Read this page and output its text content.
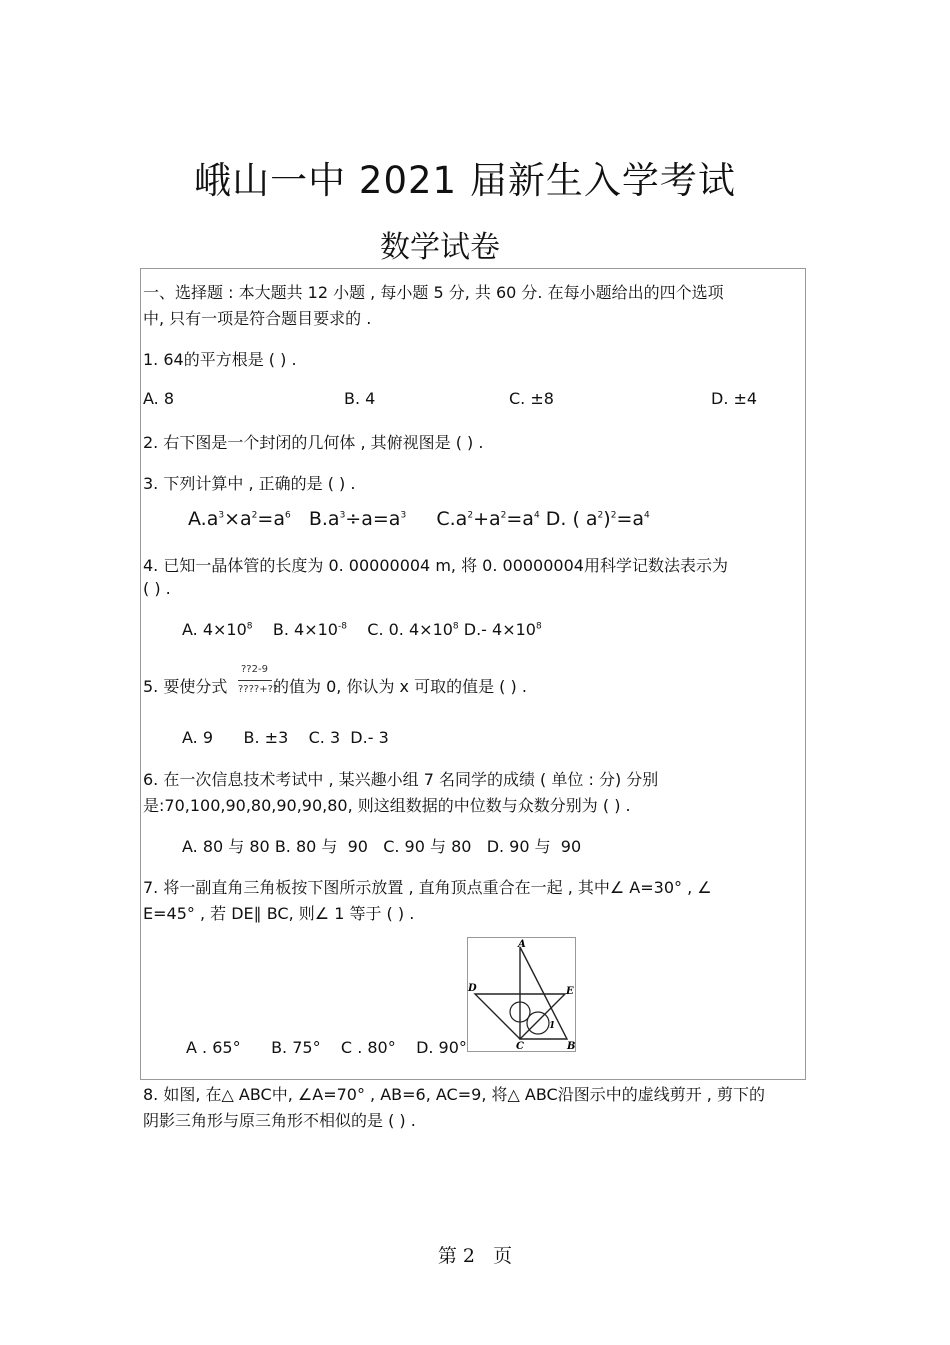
峨山一中 2021 届新生入学考试
数学试卷
一、选择题 : 本大题共 12 小题 , 每小题 5 分, 共 60 分. 在每小题给出的四个选项
中, 只有一项是符合题目要求的 .
1. 64的平方根是 ( ) .
A. 8	B. 4	C. ±8	D. ±4
2. 右下图是一个封闭的几何体 , 其俯视图是 ( ) .
3. 下列计算中 , 正确的是 ( ) .
$A.a^3\times a^2=a^6$ $B.a^3\div a=a^3$ $C.a^2+a^2=a^4$ D. ( $a^2)^2=a^4$
4. 已知一晶体管的长度为 0. 00000004 m, 将 0. 00000004用科学记数法表示为
( ) .
A. $4\times 10^8$ B. $4\times 10^{-8}$ C. 0. $4\times 10^8$ D.- $4\times 10^8$
5. 要使分式
??2-9
????+??
的值为 0, 你认为 x 可取的值是 ( ) .
A. 9      B. ±3    C. 3  D.- 3
6. 在一次信息技术考试中 , 某兴趣小组 7 名同学的成绩 ( 单位 : 分) 分别
是:70,100,90,80,90,90,80, 则这组数据的中位数与众数分别为 ( ) .
A. 80 与 80 B. 80 与  90   C. 90 与 80   D. 90 与  90
7. 将一副直角三角板按下图所示放置 , 直角顶点重合在一起 , 其中∠ A=30° , ∠
E=45° , 若 DE∥ BC, 则∠ 1 等于 ( ) .
A . 65°      B. 75°    C . 80°    D. 90°
A
B
C
D	E
1
8. 如图, 在△ ABC中, ∠A=70° , AB=6, AC=9, 将△ ABC沿图示中的虚线剪开 , 剪下的
阴影三角形与原三角形不相似的是 ( ) .
第 2   页
